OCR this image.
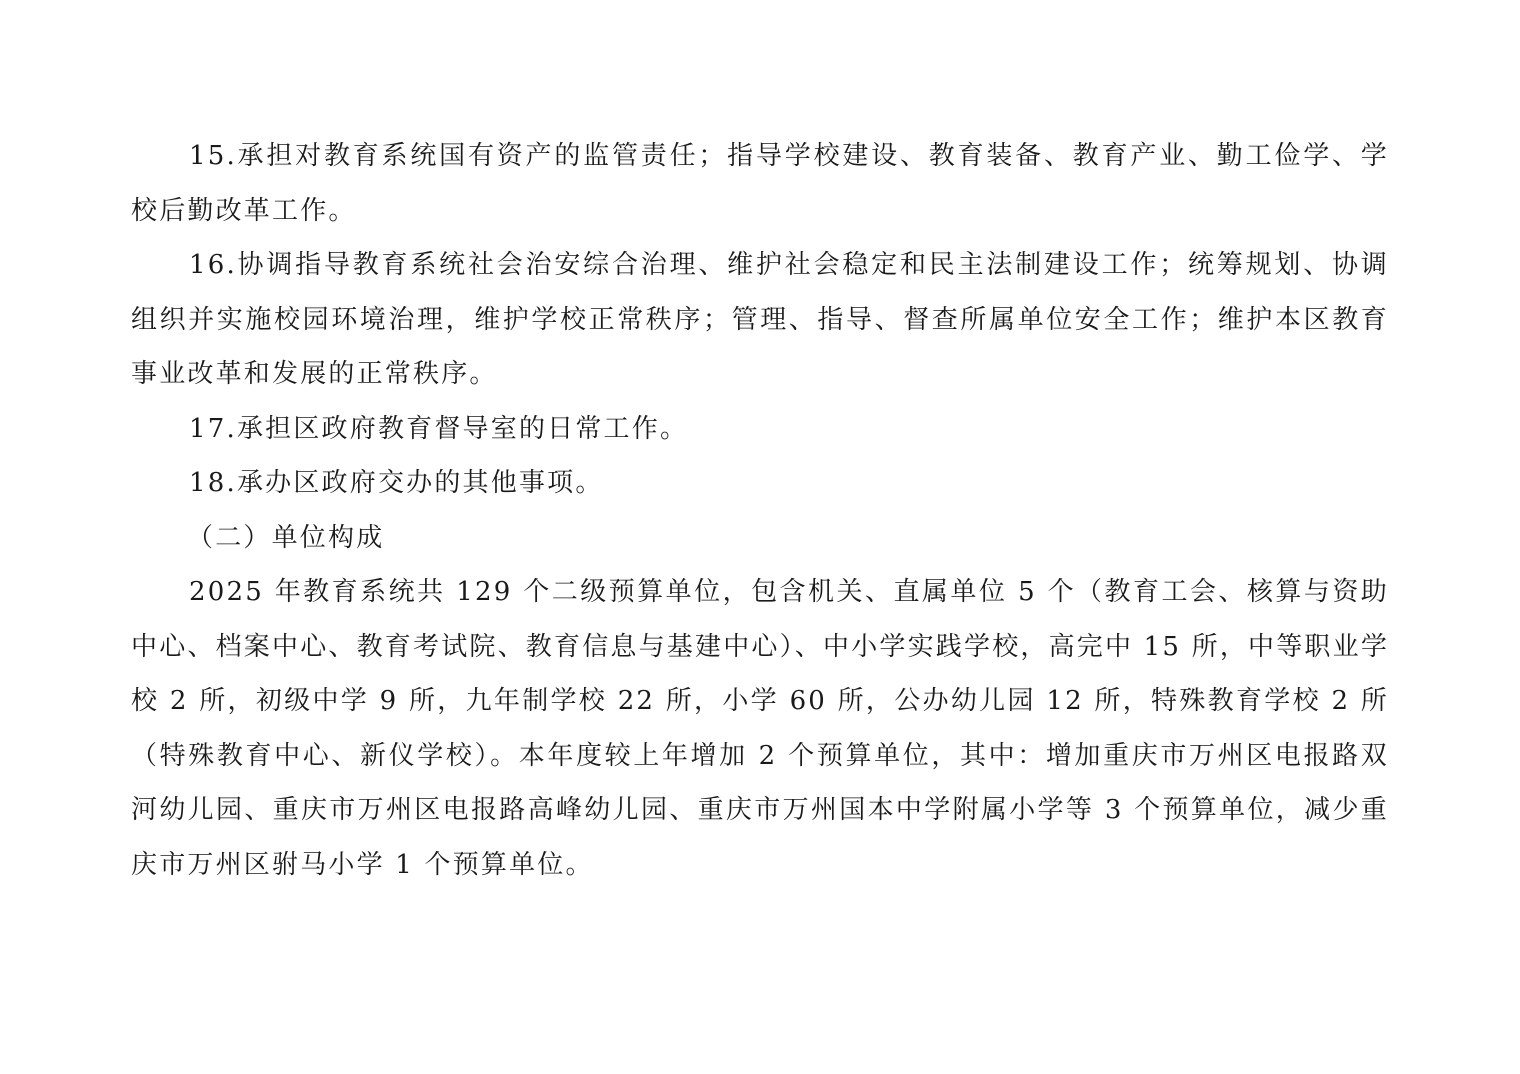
15.承担对教育系统国有资产的监管责任；指导学校建设、教育装备、教育产业、勤工俭学、学校后勤改革工作。

16.协调指导教育系统社会治安综合治理、维护社会稳定和民主法制建设工作；统筹规划、协调组织并实施校园环境治理，维护学校正常秩序；管理、指导、督查所属单位安全工作；维护本区教育事业改革和发展的正常秩序。

17.承担区政府教育督导室的日常工作。

18.承办区政府交办的其他事项。

（二）单位构成

2025 年教育系统共 129 个二级预算单位，包含机关、直属单位 5 个（教育工会、核算与资助中心、档案中心、教育考试院、教育信息与基建中心）、中小学实践学校，高完中 15 所，中等职业学校 2 所，初级中学 9 所，九年制学校 22 所，小学 60 所，公办幼儿园 12 所，特殊教育学校 2 所（特殊教育中心、新仪学校）。本年度较上年增加 2 个预算单位，其中：增加重庆市万州区电报路双河幼儿园、重庆市万州区电报路高峰幼儿园、重庆市万州国本中学附属小学等 3 个预算单位，减少重庆市万州区驸马小学 1 个预算单位。
